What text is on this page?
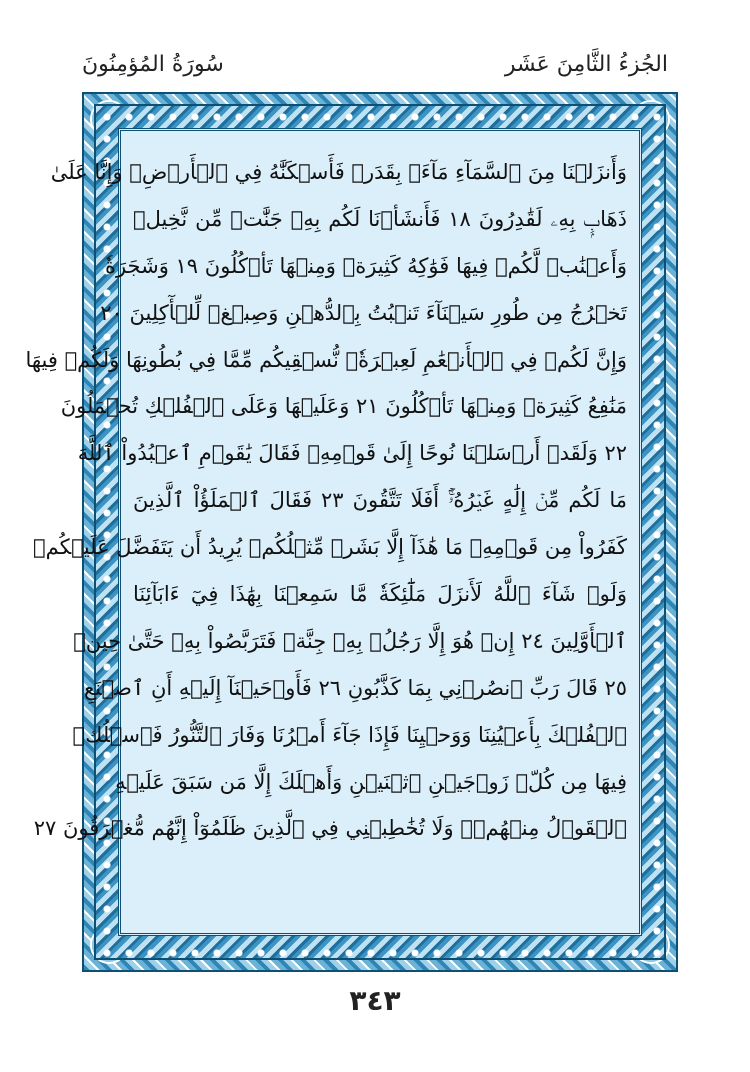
الجُزءُ الثَّامِنَ عَشَر
سُورَةُ المُؤمِنُونَ
وَأَنزَلۡنَا مِنَ ٱلسَّمَآءِ مَآءَۢ بِقَدَرٖ فَأَسۡكَنَّٰهُ فِي ٱلۡأَرۡضِۖ وَإِنَّا عَلَىٰ
ذَهَابِۭ بِهِۦ لَقَٰدِرُونَ ١٨ فَأَنشَأۡنَا لَكُم بِهِۦ جَنَّٰتٖ مِّن نَّخِيلٖ
وَأَعۡنَٰبٖ لَّكُمۡ فِيهَا فَوَٰكِهُ كَثِيرَةٞ وَمِنۡهَا تَأۡكُلُونَ ١٩ وَشَجَرَةٗ
تَخۡرُجُ مِن طُورِ سَيۡنَآءَ تَنۢبُتُ بِٱلدُّهۡنِ وَصِبۡغٖ لِّلۡأٓكِلِينَ ٢٠
وَإِنَّ لَكُمۡ فِي ٱلۡأَنۡعَٰمِ لَعِبۡرَةٗۖ نُّسۡقِيكُم مِّمَّا فِي بُطُونِهَا وَلَكُمۡ فِيهَا
مَنَٰفِعُ كَثِيرَةٞ وَمِنۡهَا تَأۡكُلُونَ ٢١ وَعَلَيۡهَا وَعَلَى ٱلۡفُلۡكِ تُحۡمَلُونَ
٢٢ وَلَقَدۡ أَرۡسَلۡنَا نُوحًا إِلَىٰ قَوۡمِهِۦ فَقَالَ يَٰقَوۡمِ ٱعۡبُدُواْ ٱللَّهَ
مَا لَكُم مِّنۡ إِلَٰهٍ غَيۡرُهُۥٓۚ أَفَلَا تَتَّقُونَ ٢٣ فَقَالَ ٱلۡمَلَؤُاْ ٱلَّذِينَ
كَفَرُواْ مِن قَوۡمِهِۦ مَا هَٰذَآ إِلَّا بَشَرٞ مِّثۡلُكُمۡ يُرِيدُ أَن يَتَفَضَّلَ عَلَيۡكُمۡ
وَلَوۡ شَآءَ ٱللَّهُ لَأَنزَلَ مَلَٰٓئِكَةٗ مَّا سَمِعۡنَا بِهَٰذَا فِيٓ ءَابَآئِنَا
ٱلۡأَوَّلِينَ ٢٤ إِنۡ هُوَ إِلَّا رَجُلُۢ بِهِۦ جِنَّةٞ فَتَرَبَّصُواْ بِهِۦ حَتَّىٰ حِينٖ
٢٥ قَالَ رَبِّ ٱنصُرۡنِي بِمَا كَذَّبُونِ ٢٦ فَأَوۡحَيۡنَآ إِلَيۡهِ أَنِ ٱصۡنَعِ
ٱلۡفُلۡكَ بِأَعۡيُنِنَا وَوَحۡيِنَا فَإِذَا جَآءَ أَمۡرُنَا وَفَارَ ٱلتَّنُّورُ فَٱسۡلُكۡ
فِيهَا مِن كُلّٖ زَوۡجَيۡنِ ٱثۡنَيۡنِ وَأَهۡلَكَ إِلَّا مَن سَبَقَ عَلَيۡهِ
ٱلۡقَوۡلُ مِنۡهُمۡۖ وَلَا تُخَٰطِبۡنِي فِي ٱلَّذِينَ ظَلَمُوٓاْ إِنَّهُم مُّغۡرَقُونَ ٢٧
٣٤٣
